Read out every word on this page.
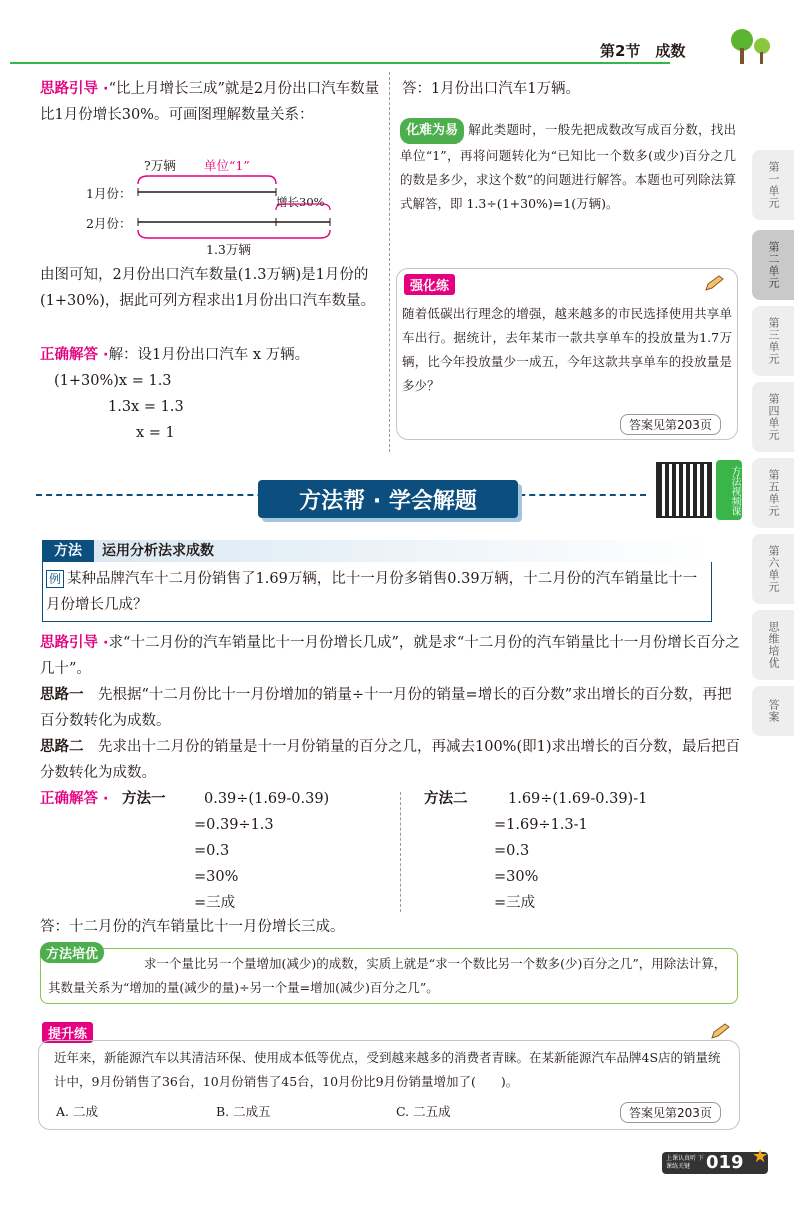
第2节　成数
第一单元
第二单元
第三单元
第四单元
第五单元
第六单元
思维培优
答案
思路引导 ·“比上月增长三成”就是2月份出口汽车数量比1月份增长30%。可画图理解数量关系：
?万辆 单位“1”
1月份：
2月份：
增长30%
1.3万辆
由图可知，2月份出口汽车数量(1.3万辆)是1月份的(1+30%)，据此可列方程求出1月份出口汽车数量。
正确解答 ·解：设1月份出口汽车 x 万辆。
(1+30%)x = 1.3
1.3x = 1.3
x = 1
答：1月份出口汽车1万辆。
化难为易 解此类题时，一般先把成数改写成百分数，找出单位“1”，再将问题转化为“已知比一个数多(或少)百分之几的数是多少，求这个数”的问题进行解答。本题也可列除法算式解答，即 1.3÷(1+30%)=1(万辆)。
强化练
随着低碳出行理念的增强，越来越多的市民选择使用共享单车出行。据统计，去年某市一款共享单车的投放量为1.7万辆，比今年投放量少一成五，今年这款共享单车的投放量是多少？
答案见第203页
方法帮 · 学会解题	方法视频课
方法	运用分析法求成数
例 某种品牌汽车十二月份销售了1.69万辆，比十一月份多销售0.39万辆，十二月份的汽车销量比十一月份增长几成？
思路引导 ·求“十二月份的汽车销量比十一月份增长几成”，就是求“十二月份的汽车销量比十一月份增长百分之几十”。
思路一　 先根据“十二月份比十一月份增加的销量÷十一月份的销量=增长的百分数”求出增长的百分数，再把百分数转化为成数。
思路二　 先求出十二月份的销量是十一月份销量的百分之几，再减去100%(即1)求出增长的百分数，最后把百分数转化为成数。
正确解答 · 方法一	0.39÷(1.69-0.39)
=0.39÷1.3
=0.3
=30%
=三成
方法二	1.69÷(1.69-0.39)-1
=1.69÷1.3-1
=0.3
=30%
=三成
答：十二月份的汽车销量比十一月份增长三成。
方法培优
求一个量比另一个量增加(减少)的成数，实质上就是“求一个数比另一个数多(少)百分之几”，用除法计算，其数量关系为“增加的量(减少的量)÷另一个量=增加(减少)百分之几”。
提升练
近年来，新能源汽车以其清洁环保、使用成本低等优点，受到越来越多的消费者青睐。在某新能源汽车品牌4S店的销量统计中，9月份销售了36台，10月份销售了45台，10月份比9月份销量增加了(　　)。
A. 二成	B. 二成五	C. 二五成	答案见第203页
上课认真听 下课练关键 019 ★
